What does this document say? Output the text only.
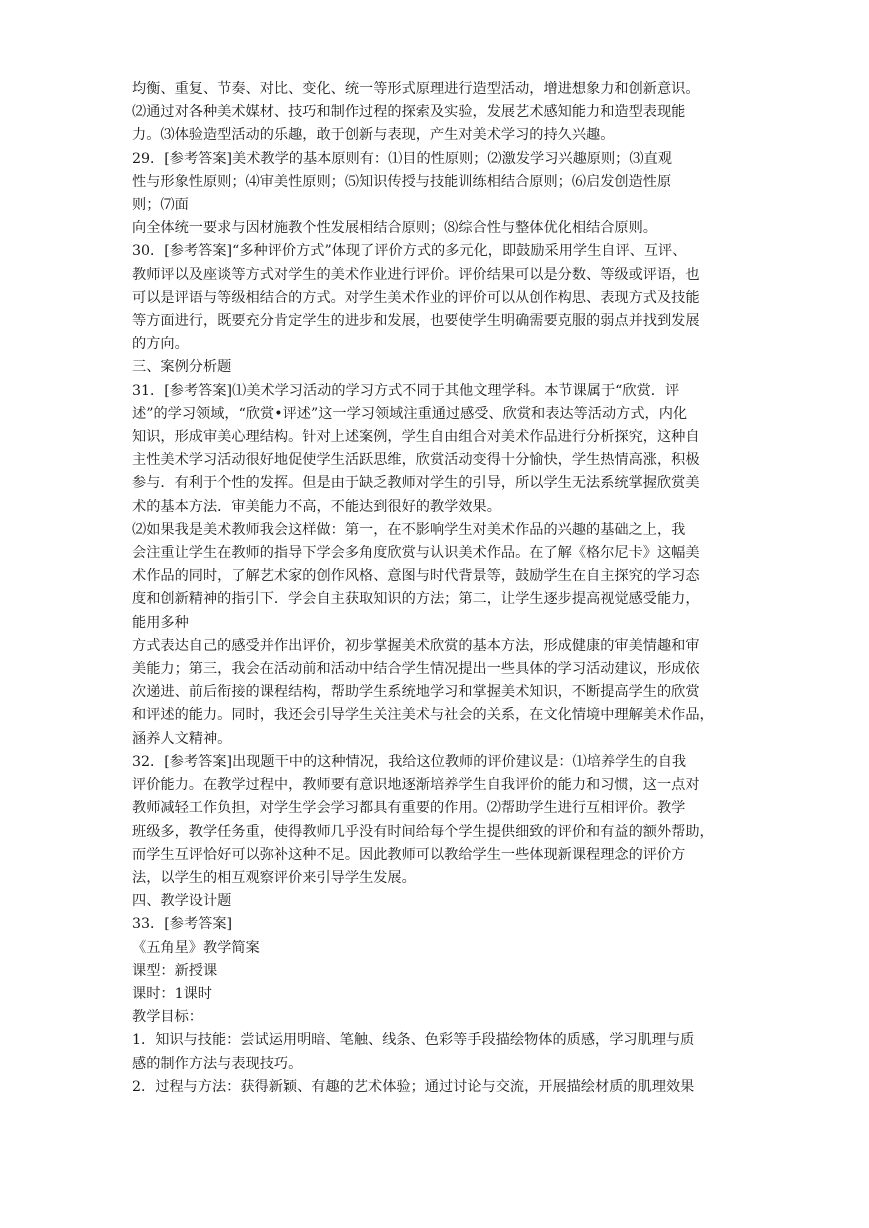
均衡、重复、节奏、对比、变化、统一等形式原理进行造型活动，增进想象力和创新意识。

⑵通过对各种美术媒材、技巧和制作过程的探索及实验，发展艺术感知能力和造型表现能

力。⑶体验造型活动的乐趣，敢于创新与表现，产生对美术学习的持久兴趣。

29．[参考答案]美术教学的基本原则有：⑴目的性原则；⑵激发学习兴趣原则；⑶直观

性与形象性原则；⑷审美性原则；⑸知识传授与技能训练相结合原则；⑹启发创造性原

则；⑺面

向全体统一要求与因材施教个性发展相结合原则；⑻综合性与整体优化相结合原则。

30．[参考答案]“多种评价方式”体现了评价方式的多元化，即鼓励采用学生自评、互评、

教师评以及座谈等方式对学生的美术作业进行评价。评价结果可以是分数、等级或评语，也

可以是评语与等级相结合的方式。对学生美术作业的评价可以从创作构思、表现方式及技能

等方面进行，既要充分肯定学生的进步和发展，也要使学生明确需要克服的弱点并找到发展

的方向。

三、案例分析题

31．[参考答案]⑴美术学习活动的学习方式不同于其他文理学科。本节课属于“欣赏．评

述”的学习领域，“欣赏•评述”这一学习领域注重通过感受、欣赏和表达等活动方式，内化

知识，形成审美心理结构。针对上述案例，学生自由组合对美术作品进行分析探究，这种自

主性美术学习活动很好地促使学生活跃思维，欣赏活动变得十分愉快，学生热情高涨，积极

参与．有利于个性的发挥。但是由于缺乏教师对学生的引导，所以学生无法系统掌握欣赏美

术的基本方法．审美能力不高，不能达到很好的教学效果。

⑵如果我是美术教师我会这样做：第一，在不影响学生对美术作品的兴趣的基础之上，我

会注重让学生在教师的指导下学会多角度欣赏与认识美术作品。在了解《格尔尼卡》这幅美

术作品的同时，了解艺术家的创作风格、意图与时代背景等，鼓励学生在自主探究的学习态

度和创新精神的指引下．学会自主获取知识的方法；第二，让学生逐步提高视觉感受能力，

能用多种

方式表达自己的感受并作出评价，初步掌握美术欣赏的基本方法，形成健康的审美情趣和审

美能力；第三，我会在活动前和活动中结合学生情况提出一些具体的学习活动建议，形成依

次递进、前后衔接的课程结构，帮助学生系统地学习和掌握美术知识，不断提高学生的欣赏

和评述的能力。同时，我还会引导学生关注美术与社会的关系，在文化情境中理解美术作品，

涵养人文精神。

32．[参考答案]出现题干中的这种情况，我给这位教师的评价建议是：⑴培养学生的自我

评价能力。在教学过程中，教师要有意识地逐渐培养学生自我评价的能力和习惯，这一点对

教师减轻工作负担，对学生学会学习都具有重要的作用。⑵帮助学生进行互相评价。教学

班级多，教学任务重，使得教师几乎没有时间给每个学生提供细致的评价和有益的额外帮助，

而学生互评恰好可以弥补这种不足。因此教师可以教给学生一些体现新课程理念的评价方

法，以学生的相互观察评价来引导学生发展。

四、教学设计题

33．[参考答案]

《五角星》教学简案

课型：新授课

课时：1课时

教学目标：

1．知识与技能：尝试运用明暗、笔触、线条、色彩等手段描绘物体的质感，学习肌理与质

感的制作方法与表现技巧。

2．过程与方法：获得新颖、有趣的艺术体验；通过讨论与交流，开展描绘材质的肌理效果
